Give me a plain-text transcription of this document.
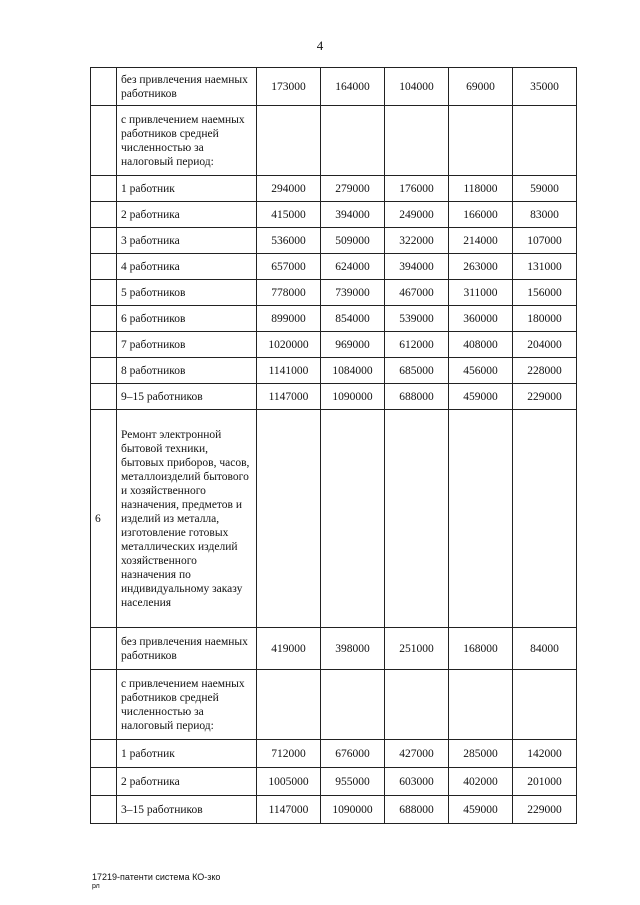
4
	без привлечения наемных работников	173000	164000	104000	69000	35000
	с привлечением наемных работников средней численностью за налоговый период:					
	1 работник	294000	279000	176000	118000	59000
	2 работника	415000	394000	249000	166000	83000
	3 работника	536000	509000	322000	214000	107000
	4 работника	657000	624000	394000	263000	131000
	5 работников	778000	739000	467000	311000	156000
	6 работников	899000	854000	539000	360000	180000
	7 работников	1020000	969000	612000	408000	204000
	8 работников	1141000	1084000	685000	456000	228000
	9–15 работников	1147000	1090000	688000	459000	229000
6	Ремонт электронной бытовой техники, бытовых приборов, часов, металлоизделий бытового и хозяйственного назначения, предметов и изделий из металла, изготовление готовых металлических изделий хозяйственного назначения по индивидуальному заказу населения					
	без привлечения наемных работников	419000	398000	251000	168000	84000
	с привлечением наемных работников средней численностью за налоговый период:					
	1 работник	712000	676000	427000	285000	142000
	2 работника	1005000	955000	603000	402000	201000
	3–15 работников	1147000	1090000	688000	459000	229000
17219-патенти система КО-зко
рл
